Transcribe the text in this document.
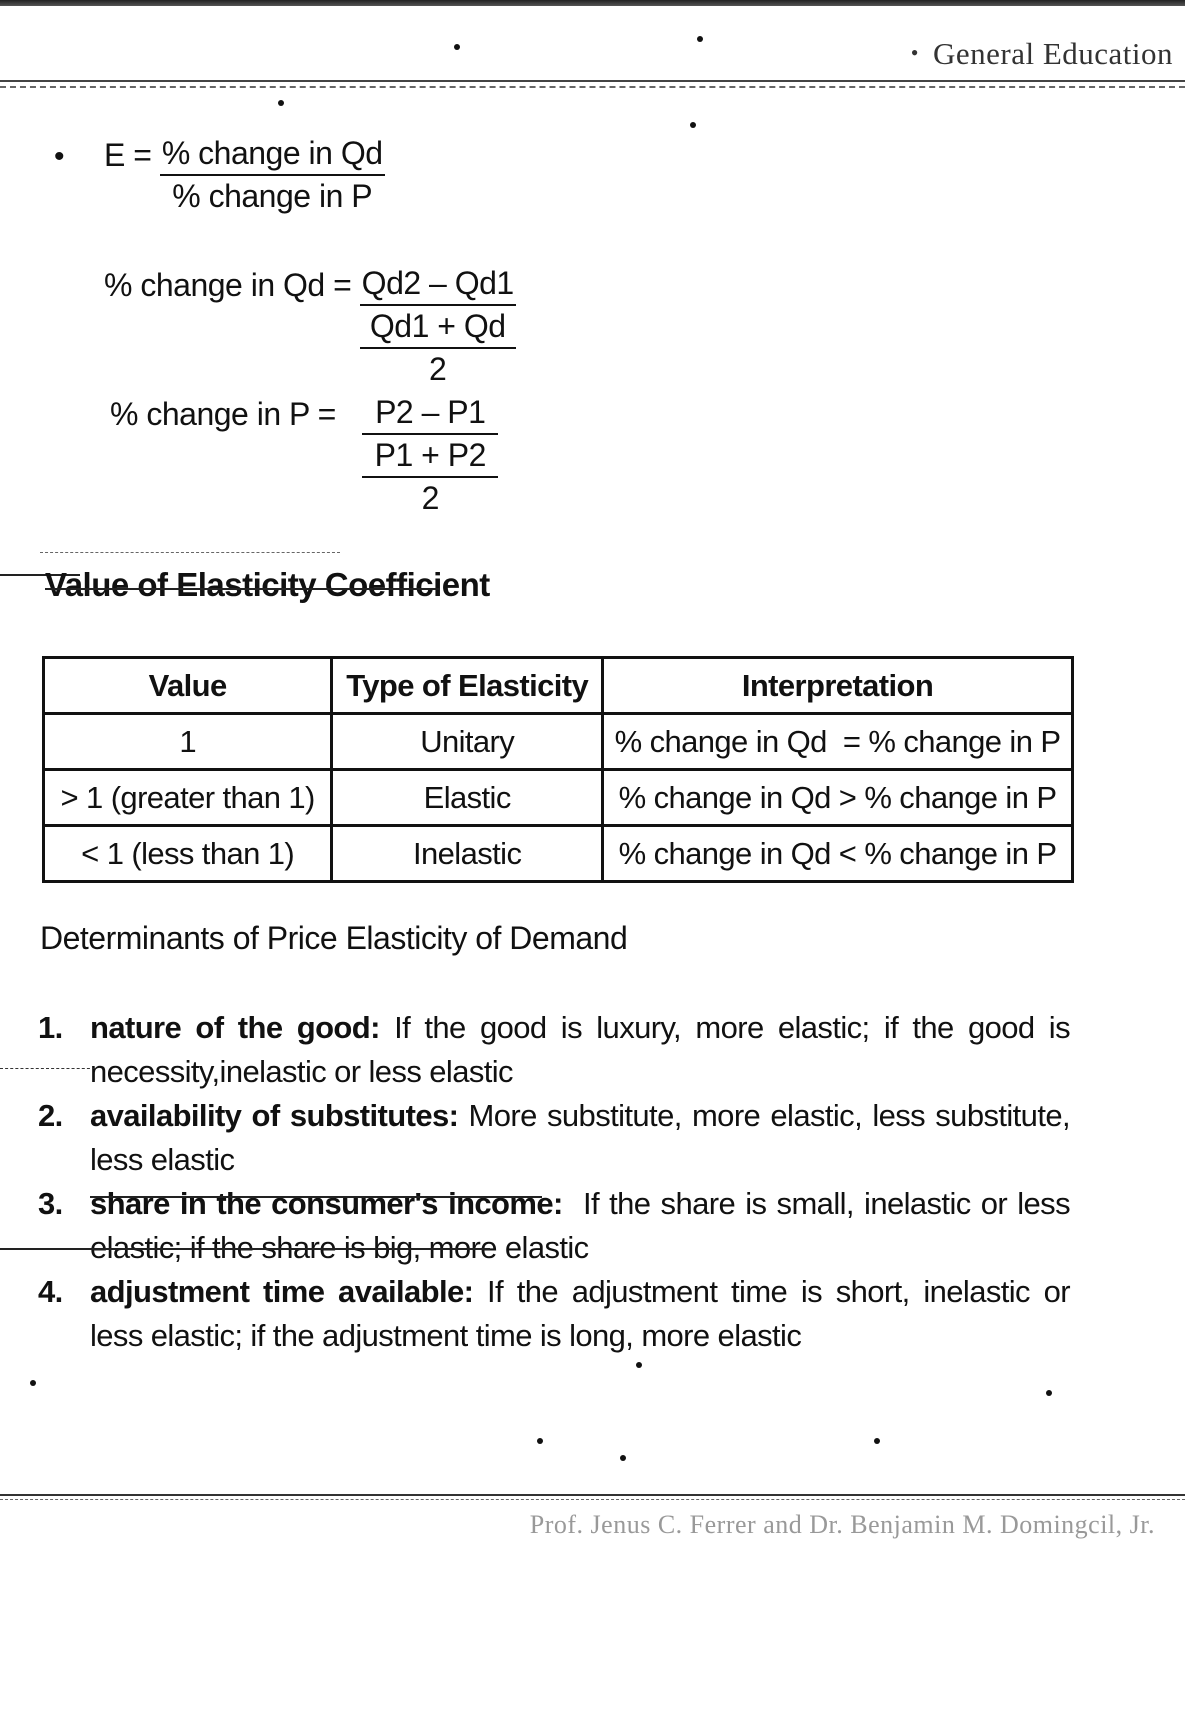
• General Education
• $E = \frac{\text{\% change in Qd}}{\text{\% change in P}}$
% change in Qd = Qd2 – Qd1
Qd1 + Qd
2
% change in P =	P2 – P1
P1 + P2
2
Value of Elasticity Coefficient
Value	Type of Elasticity	Interpretation
1	Unitary	% change in Qd  = % change in P
> 1 (greater than 1)	Elastic	% change in Qd > % change in P
< 1 (less than 1)	Inelastic	% change in Qd < % change in P
Determinants of Price Elasticity of Demand
1. nature of the good: If the good is luxury, more elastic; if the good is necessity,inelastic or less elastic
2. availability of substitutes: More substitute, more elastic, less substitute, less elastic
3. share in the consumer's income:  If the share is small, inelastic or less elastic; if the share is big, more elastic
4. adjustment time available: If the adjustment time is short, inelastic or less elastic; if the adjustment time is long, more elastic
Prof. Jenus C. Ferrer and Dr. Benjamin M. Domingcil, Jr.
